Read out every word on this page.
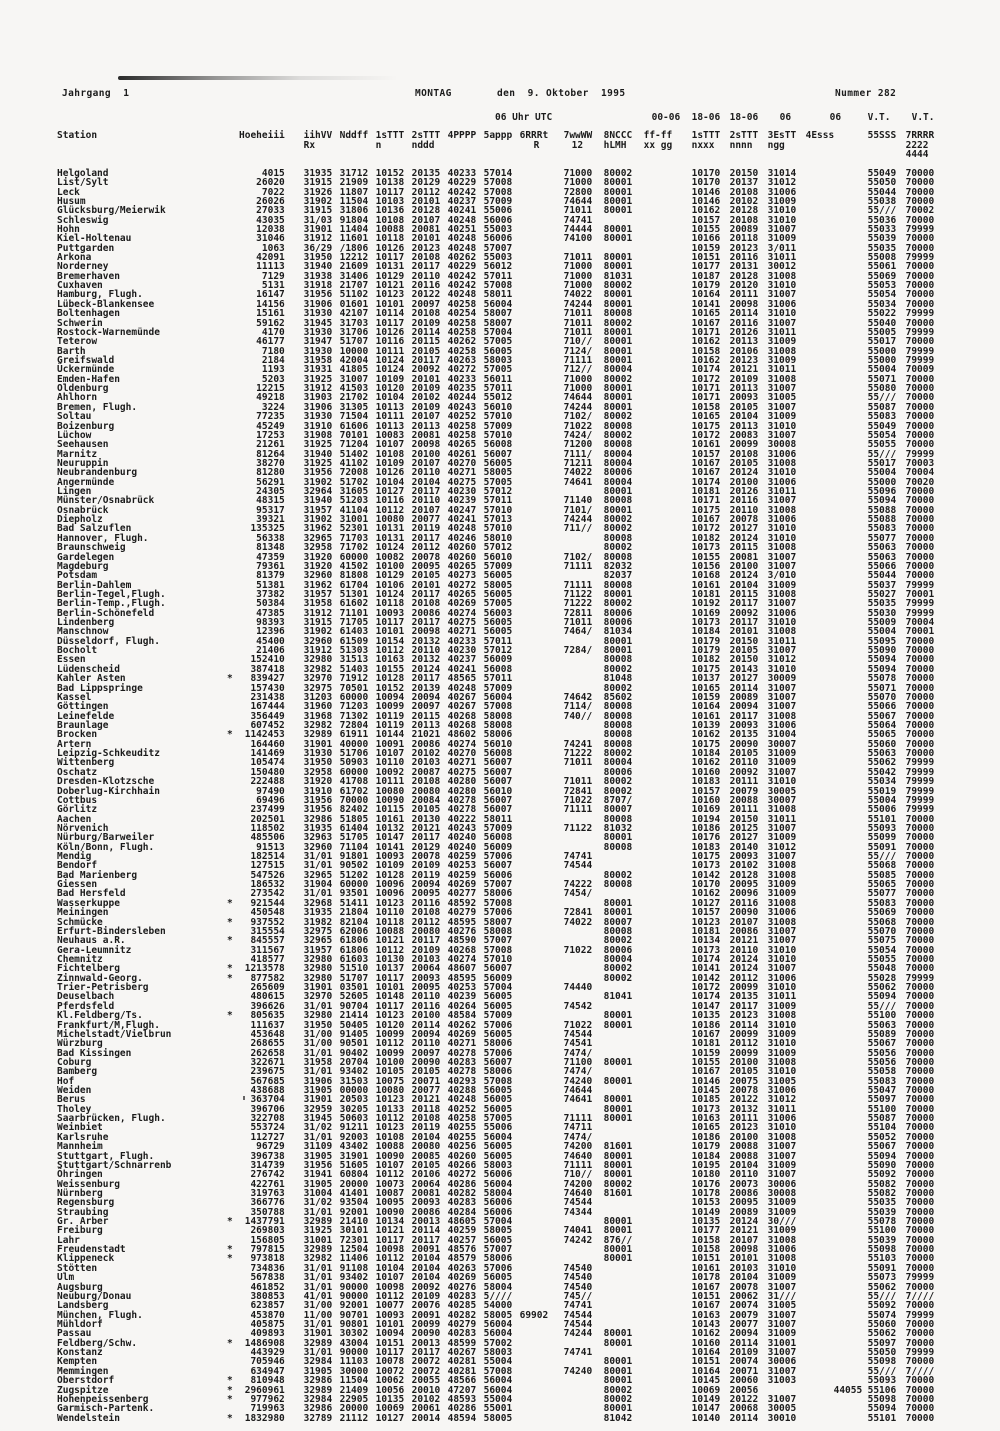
Jahrgang  1

	MONTAG

	den  9. Oktober  1995

	Nummer 282

									06 Uhr UTC				00-06	18-06	18-06	06	06	V.T.	V.T.

Station		Hoehe	iii	iihVV	Nddff	1sTTT	2sTTT	4PPPP	5appp	6RRRt	7wwWW	8NCCC	ff-ff	1sTTT	2sTTT	3EsTT	4Esss	55SSS	7RRRR
				Rx		n	nddd			R	12	hLMH	xx gg	nxxx	nnnn	ngg			2222
																			4444

Helgoland		4	015	31935	31712	10152	20135	40233	57014		71000	80002		10170	20150	31014		55049	70000
List/Sylt		26	020	31915	21909	10138	20129	40229	57008		71000	80001		10170	20137	31012		55050	70000
Leck		7	022	31926	11807	10117	20112	40242	57008		72800	80001		10146	20108	31006		55044	70000
Husum		26	026	31902	11504	10103	20101	40237	57009		74644	80001		10146	20102	31009		55038	70000
Glücksburg/Meierwik		27	033	31915	31806	10136	20128	40241	55006		71011	80001		10162	20128	31010		55///	70002
Schleswig		43	035	31/03	91804	10108	20107	40248	56006		74741			10157	20108	31010		55036	70000
Hohn		12	038	31901	11404	10088	20081	40251	55003		74444	80001		10155	20089	31007		55033	79999
Kiel-Holtenau		31	046	31912	11601	10118	20101	40248	56006		74100	80001		10166	20118	31009		55039	70000
Puttgarden		1	063	36/29	/1806	10126	20123	40248	57007					10159	20123	3/011		55035	70000
Arkona		42	091	31950	12212	10117	20108	40262	55003		71011	80001		10151	20116	31011		55008	79999
Norderney		11	113	31940	21609	10131	20117	40229	56012		71000	80001		10177	20131	30012		55061	70000
Bremerhaven		7	129	31938	31406	10129	20110	40242	57011		71000	81031		10187	20128	31008		55069	70000
Cuxhaven		5	131	31918	21707	10121	20116	40242	57008		71000	80002		10179	20120	31010		55053	70000
Hamburg, Flugh.		16	147	31956	51102	10123	20122	40248	58011		74022	80001		10164	20111	31007		55054	70000
Lübeck-Blankensee		14	156	31906	01601	10101	20097	40258	56004		74244	80001		10141	20098	31006		55034	70000
Boltenhagen		15	161	31930	42107	10114	20108	40254	58007		71011	80008		10165	20114	31010		55022	79999
Schwerin		59	162	31945	31703	10117	20109	40258	58007		71011	80002		10167	20116	31007		55040	70000
Rostock-Warnemünde		4	170	31930	31706	10126	20114	40258	57004		71011	80001		10171	20126	31011		55005	79999
Teterow		46	177	31947	51707	10116	20115	40262	57005		710//	80001		10162	20113	31009		55017	70000
Barth		7	180	31930	10000	10111	20105	40258	56005		7124/	80001		10158	20106	31008		55000	79999
Greifswald		2	184	31958	42004	10124	20117	40263	58003		71111	80001		10162	20123	31009		55000	79999
Ückermünde		1	193	31931	41805	10124	20092	40272	57005		712//	80004		10174	20121	31011		55004	70009
Emden-Hafen		5	203	31925	31007	10109	20101	40233	56011		71000	80002		10172	20109	31008		55071	70000
Oldenburg		12	215	31912	41503	10120	20109	40235	57011		71000	80001		10171	20113	31007		55080	70000
Ahlhorn		49	218	31903	21702	10104	20102	40244	55012		74644	80001		10171	20093	31005		55///	70000
Bremen, Flugh.		3	224	31906	31305	10113	20109	40243	56010		74244	80001		10158	20105	31007		55087	70000
Soltau		77	235	31930	71504	10111	20107	40252	57010		7102/	80002		10165	20104	31009		55083	70000
Boizenburg		45	249	31910	61606	10113	20113	40258	57009		71022	80008		10175	20113	31010		55049	70000
Lüchow		17	253	31908	70101	10083	20081	40258	57010		7424/	80002		10172	20083	31007		55054	70000
Seehausen		21	261	31925	71204	10107	20098	40265	56008		71200	80008		10161	20099	30008		55055	70000
Marnitz		81	264	31940	51402	10108	20100	40261	56007		7111/	80004		10157	20108	31006		55///	79999
Neuruppin		38	270	31925	41102	10109	20107	40270	56005		71211	80004		10167	20105	31008		55017	70003
Neubrandenburg		81	280	31956	72008	10126	20110	40271	58005		74022	80006		10167	20124	31010		55004	70004
Angermünde		56	291	31902	51702	10104	20104	40275	57005		74641	80004		10174	20100	31006		55000	70020
Lingen		24	305	32964	31605	10127	20117	40230	57012			80001		10181	20126	31011		55096	70000
Münster/Osnabrück		48	315	31940	51203	10116	20110	40239	57011		71140	80008		10171	20116	31007		55094	70000
Osnabrück		95	317	31957	41104	10112	20107	40247	57010		7101/	80001		10175	20110	31008		55088	70000
Diepholz		39	321	31902	31001	10080	20077	40241	57013		74244	80002		10167	20078	31006		55088	70000
Bad Salzuflen		135	325	31962	52301	10131	20119	40248	57010		711//	80002		10172	20127	31010		55083	70000
Hannover, Flugh.		56	338	32965	71703	10131	20117	40246	58010			80008		10182	20124	31010		55077	70000
Braunschweig		81	348	32958	71702	10124	20112	40260	57012			80002		10173	20115	31008		55063	70000
Gardelegen		47	359	31920	60000	10082	20078	40260	56010		7102/	80008		10155	20081	31007		55063	70000
Magdeburg		79	361	31920	41502	10100	20095	40265	57009		71111	82032		10156	20100	31007		55066	70000
Potsdam		81	379	32960	81808	10129	20105	40273	56005			82037		10168	20124	3/010		55044	70000
Berlin-Dahlem		51	381	31962	61704	10106	20101	40272	58005		71111	80008		10161	20104	31009		55037	79999
Berlin-Tegel,Flugh.		37	382	31957	51301	10124	20117	40265	56005		71122	80001		10181	20115	31008		55027	70001
Berlin-Temp.,Flugh.		50	384	31958	61602	10118	20108	40269	57005		71222	80002		10192	20117	31007		55035	79999
Berlin-Schönefeld		47	385	31912	71101	10093	20086	40274	56003		72811	80006		10169	20092	31006		55030	79999
Lindenberg		98	393	31915	71705	10117	20117	40275	56005		71011	80006		10173	20117	31010		55009	70004
Manschnow		12	396	31902	61403	10101	20098	40271	56005		7464/	81034		10184	20101	31008		55004	70001
Düsseldorf, Flugh.		45	400	32960	61509	10154	20132	40233	57011			80001		10179	20150	31011		55095	70000
Bocholt		21	406	31912	51303	10112	20110	40230	57012		7284/	80001		10179	20105	31007		55090	70000
Essen		152	410	32980	31513	10163	20132	40237	56009			80008		10182	20150	31012		55094	70000
Lüdenscheid		387	418	32982	51403	10155	20124	40241	56008			80002		10175	20143	31010		55094	70000
Kahler Asten	*	839	427	32970	71912	10128	20117	48565	57011			81048		10137	20127	30009		55078	70000
Bad Lippspringe		157	430	32975	70501	10152	20139	40248	57009			80002		10165	20114	31007		55071	70000
Kassel		231	438	31203	60000	10094	20094	40267	56004		74642	85602		10159	20089	31007		55070	70000
Göttingen		167	444	31960	71203	10099	20097	40267	57008		7114/	80008		10164	20094	31007		55066	70000
Leinefelde		356	449	31968	71302	10119	20115	40268	58008		740//	80008		10161	20117	31008		55067	70000
Braunlage		607	452	32982	72804	10119	20113	40268	58008			80008		10139	20093	31006		55064	70000
Brocken	*	1142	453	32989	61911	10144	21021	48602	58006			80008		10162	20135	31004		55065	70000
Artern		164	460	31901	40000	10091	20086	40274	56010		74241	80008		10175	20090	30007		55060	70000
Leipzig-Schkeuditz		141	469	31930	51706	10107	20102	40270	56008		71222	80002		10184	20105	31009		55063	70000
Wittenberg		105	474	31950	50903	10110	20103	40271	56007		71011	80004		10162	20110	31009		55062	79999
Oschatz		150	480	32958	60000	10092	20087	40275	56007			80006		10160	20092	31007		55042	79999
Dresden-Klotzsche		222	488	31920	41708	10111	20108	40280	56007		71011	80002		10183	20111	31010		55034	79999
Doberlug-Kirchhain		97	490	31910	61702	10080	20080	40280	56010		72841	80002		10157	20079	30005		55019	79999
Cottbus		69	496	31956	70000	10090	20084	40278	56007		71022	8707/		10160	20088	30007		55004	79999
Görlitz		237	499	31956	82402	10115	20105	40278	56007		71111	80007		10169	20111	31008		55006	79999
Aachen		202	501	32986	51805	10161	20130	40222	58011			80008		10194	20150	31011		55101	70000
Nörvenich		118	502	31935	61404	10132	20121	40243	57009		71122	81032		10186	20125	31007		55093	70000
Nürburg/Barweiler		485	506	32963	51705	10147	20117	40240	56008			80001		10176	20127	31009		55099	70000
Köln/Bonn, Flugh.		91	513	32960	71104	10141	20129	40240	56009			80008		10183	20140	31012		55091	70000
Mendig		182	514	31/01	91801	10093	20078	40259	57006		74741			10175	20093	31007		55///	70000
Bendorf		127	515	31/01	90502	10109	20109	40253	56007		74544			10173	20102	31008		55068	70000
Bad Marienberg		547	526	32965	51202	10128	20119	40259	56006			80002		10142	20128	31008		55085	70000
Giessen		186	532	31904	60000	10096	20094	40269	57007		74222	80008		10170	20095	31009		55065	70000
Bad Hersfeld		273	542	31/01	93501	10096	20095	40277	58006		7454/			10162	20096	31009		55077	70000
Wasserkuppe	*	921	544	32968	51411	10123	20116	48592	57008			80001		10127	20116	31008		55083	70000
Meiningen		450	548	31935	21804	10110	20108	40279	57006		72841	80001		10157	20090	31006		55069	70000
Schmücke	*	937	552	31982	82104	10118	20112	48595	58007		74022	80007		10123	20107	31008		55068	70000
Erfurt-Bindersleben		315	554	32975	62006	10088	20080	40276	58008			80008		10181	20086	31007		55070	70000
Neuhaus a.R.	*	845	557	32965	61806	10121	20117	48590	57007			80002		10134	20121	31007		55075	70000
Gera-Leumnitz		311	567	31957	61806	10112	20109	40268	57008		71022	80006		10173	20110	31010		55054	70000
Chemnitz		418	577	32980	61603	10130	20103	40274	57010			80004		10174	20124	31010		55055	70000
Fichtelberg	*	1213	578	32980	51510	10137	20064	48607	56007			80002		10141	20124	31007		55048	70000
Zinnwald-Georg.	*	877	582	32980	51707	10117	20093	48595	56009			80002		10142	20112	31006		55028	79999
Trier-Petrisberg		265	609	31901	03501	10101	20095	40253	57004		74440			10172	20099	31010		55062	70000
Deuselbach		480	615	32970	52605	10148	20110	40239	56005			81041		10174	20135	31011		55094	70000
Pferdsfeld		396	626	31/01	90704	10117	20116	40264	56005		74542			10147	20117	31009		55///	70000
Kl.Feldberg/Ts.	*	805	635	32980	21414	10123	20100	48584	57009			80001		10135	20123	31008		55100	70000
Frankfurt/M,Flugh.		111	637	31950	50405	10120	20114	40262	57006		71022	80001		10186	20114	31010		55063	70000
Michelstadt/Vielbrun		453	648	31/00	91405	10099	20094	40269	56005		74544			10167	20099	31009		55089	70000
Würzburg		268	655	31/00	90501	10112	20110	40271	58006		74541			10181	20112	31010		55067	70000
Bad Kissingen		262	658	31/01	90402	10099	20097	40278	57006		7474/			10159	20099	31009		55056	70000
Coburg		322	671	31958	20704	10100	20090	40283	56007		71100	80001		10155	20100	31008		55056	70000
Bamberg		239	675	31/01	93402	10105	20105	40278	58006		7474/			10167	20105	31010		55058	70000
Hof		567	685	31906	31503	10075	20071	40293	57008		74240	80001		10146	20075	31005		55083	70000
Weiden		438	688	31905	00000	10080	20077	40288	56005		74644			10145	20078	31006		55047	70000
Berus		363	704	31901	20503	10123	20121	40248	56005		74641	80001		10185	20122	31012		55097	70000
Tholey		396	706	32959	30205	10133	20118	40252	56005			80001		10173	20132	31011		55100	70000
Saarbrücken, Flugh.		322	708	31945	50603	10112	20108	40258	57005		71111	80001		10163	20111	31006		55087	70000
Weinbiet		553	724	31/02	91211	10123	20119	40255	55006		74711			10165	20123	31010		55104	70000
Karlsruhe		112	727	31/01	92003	10108	20104	40255	56004		7474/			10186	20100	31008		55052	70000
Mannheim		96	729	31109	43402	10088	20080	40256	56005		74200	81601		10179	20088	31007		55067	70000
Stuttgart, Flugh.		396	738	31905	31901	10090	20085	40260	56005		74640	80001		10184	20088	31007		55094	70000
Stuttgart/Schnarrenb		314	739	31956	51605	10107	20105	40266	58003		71111	80001		10195	20104	31009		55090	70000
Öhringen		276	742	31941	60804	10112	20106	40272	56006		710//	80001		10180	20110	31007		55092	70000
Weissenburg		422	761	31905	20000	10073	20064	40286	56004		74200	80002		10176	20073	30006		55082	70000
Nürnberg		319	763	31004	41401	10087	20081	40282	58004		74640	81601		10178	20086	30008		55082	70000
Regensburg		366	776	31/02	93504	10095	20093	40283	56006		74544			10153	20095	31009		55035	70000
Straubing		350	788	31/01	92001	10090	20086	40284	56006		74344			10149	20089	31009		55039	70000
Gr. Arber	*	1437	791	32989	21410	10134	20013	48605	57004			80001		10135	20124	30///		55078	70000
Freiburg		269	803	31925	30101	10121	20114	40259	58005		74041	80001		10177	20121	31009		55100	70000
Lahr		156	805	31001	72301	10117	20117	40257	56005		74242	876//		10158	20107	31008		55039	70000
Freudenstadt	*	797	815	32989	12504	10098	20091	48576	57007			80001		10158	20098	31006		55098	70000
Klippeneck	*	973	818	32982	11406	10112	20104	48579	58006			80001		10151	20101	31008		55103	70000
Stötten		734	836	31/01	91108	10104	20104	40263	57006		74540			10161	20103	31010		55091	70000
Ulm		567	838	31/01	93402	10107	20104	40269	56005		74540			10178	20104	31009		55073	79999
Augsburg		461	852	31/01	90000	10098	20092	40276	58004		74540			10167	20078	31007		55062	70000
Neuburg/Donau		380	853	41/01	90000	10112	20109	40283	5////		745//			10151	20062	31///		55///	7////
Landsberg		623	857	31/00	92001	10077	20076	40285	54000		74741			10167	20074	31005		55092	70000
München, Flugh.		453	870	11/00	90701	10093	20091	40282	58005	69902	74544			10163	20079	31007		55074	79999
Mühldorf		405	875	31/01	90801	10101	20099	40279	56004		74544			10143	20077	31007		55060	70000
Passau		409	893	31901	30302	10094	20090	40283	56004		74244	80001		10162	20094	31009		55062	70000
Feldberg/Schw.	*	1486	908	32989	43004	10151	20013	48599	57002			80001		10160	20114	31001		55097	70000
Konstanz		443	929	31/01	90000	10117	20117	40267	58003		74741			10164	20109	31007		55050	79999
Kempten		705	946	32984	11103	10078	20072	40281	55004			80001		10151	20074	30006		55098	70000
Memmingen		634	947	31905	30000	10072	20072	40281	57008		74240	80001		10164	20071	31007		55///	7////
Oberstdorf	*	810	948	32986	11504	10062	20055	48566	56004			80001		10145	20060	31003		55093	70000
Zugspitze	*	2960	961	32989	21409	10056	20010	47207	56004			80002		10069	20056		44055	55106	70000
Hohenpeissenberg	*	977	962	32984	22905	10135	20102	48593	55004			80002		10149	20122	31007		55098	70000
Garmisch-Partenk.		719	963	32986	20000	10069	20061	40286	55001			80001		10147	20068	30005		55094	70000
Wendelstein	*	1832	980	32789	21112	10127	20014	48594	58005			81042		10140	20114	30010		55101	70000
